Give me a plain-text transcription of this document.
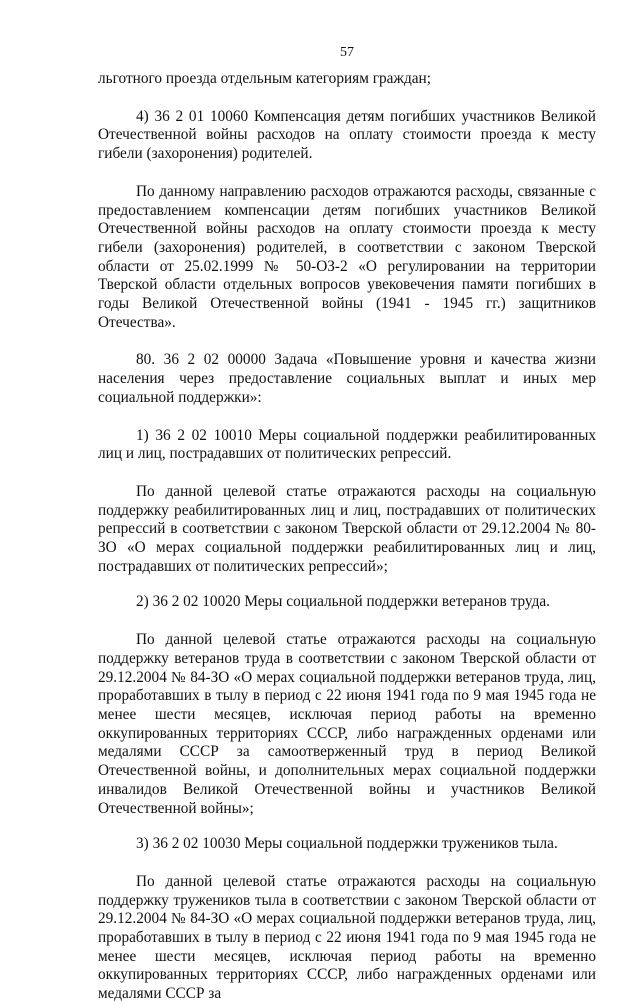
57

льготного проезда отдельным категориям граждан;

4) 36 2 01 10060 Компенсация детям погибших участников Великой Отечественной войны расходов на оплату стоимости проезда к месту гибели (захоронения) родителей.

По данному направлению расходов отражаются расходы, связанные с предоставлением компенсации детям погибших участников Великой Отечественной войны расходов на оплату стоимости проезда к месту гибели (захоронения) родителей, в соответствии с законом Тверской области от 25.02.1999 № 50-ОЗ-2 «О регулировании на территории Тверской области отдельных вопросов увековечения памяти погибших в годы Великой Отечественной войны (1941 - 1945 гг.) защитников Отечества».

80. 36 2 02 00000 Задача «Повышение уровня и качества жизни населения через предоставление социальных выплат и иных мер социальной поддержки»:

1) 36 2 02 10010 Меры социальной поддержки реабилитированных лиц и лиц, пострадавших от политических репрессий.

По данной целевой статье отражаются расходы на социальную поддержку реабилитированных лиц и лиц, пострадавших от политических репрессий в соответствии с законом Тверской области от 29.12.2004 № 80-ЗО «О мерах социальной поддержки реабилитированных лиц и лиц, пострадавших от политических репрессий»;

2) 36 2 02 10020 Меры социальной поддержки ветеранов труда.

По данной целевой статье отражаются расходы на социальную поддержку ветеранов труда в соответствии с законом Тверской области от 29.12.2004 № 84-ЗО «О мерах социальной поддержки ветеранов труда, лиц, проработавших в тылу в период с 22 июня 1941 года по 9 мая 1945 года не менее шести месяцев, исключая период работы на временно оккупированных территориях СССР, либо награжденных орденами или медалями СССР за самоотверженный труд в период Великой Отечественной войны, и дополнительных мерах социальной поддержки инвалидов Великой Отечественной войны и участников Великой Отечественной войны»;

3) 36 2 02 10030 Меры социальной поддержки тружеников тыла.

По данной целевой статье отражаются расходы на социальную поддержку тружеников тыла в соответствии с законом Тверской области от 29.12.2004 № 84-ЗО «О мерах социальной поддержки ветеранов труда, лиц, проработавших в тылу в период с 22 июня 1941 года по 9 мая 1945 года не менее шести месяцев, исключая период работы на временно оккупированных территориях СССР, либо награжденных орденами или медалями СССР за
